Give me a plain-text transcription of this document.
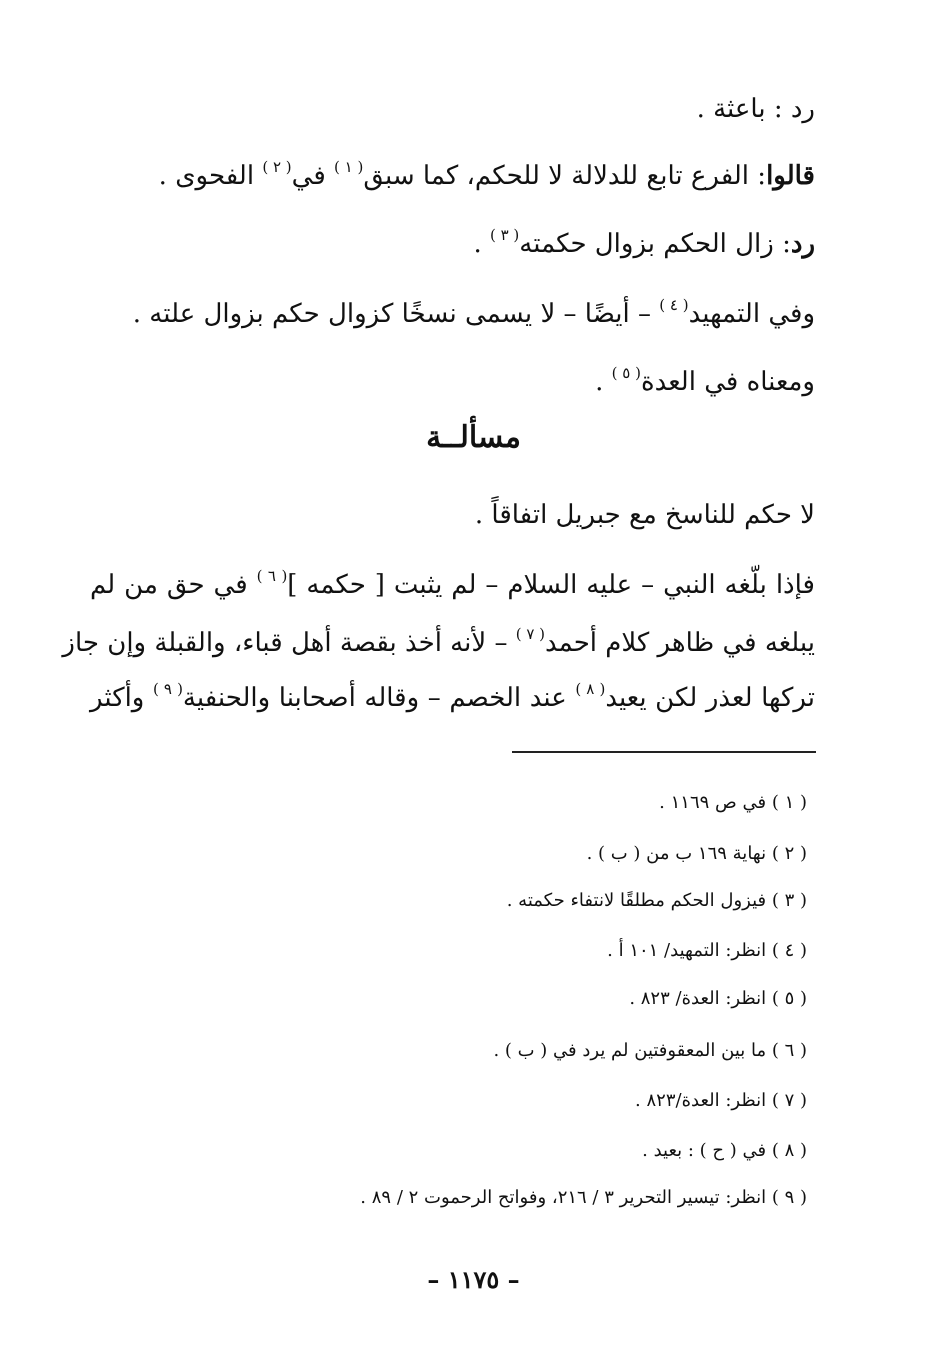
رد : باعثة .
قالوا: الفرع تابع للدلالة لا للحكم، كما سبق$^{( ١ )}$ في$^{( ٢ )}$ الفحوى .
رد: زال الحكم بزوال حكمته$^{( ٣ )}$ .
وفي التمهيد$^{( ٤ )}$ – أيضًا – لا يسمى نسخًا كزوال حكم بزوال علته .
ومعناه في العدة$^{( ٥ )}$ .
مسألــة
لا حكم للناسخ مع جبريل اتفاقاً .
فإذا بلّغه النبي – عليه السلام – لم يثبت [ حكمه ]$^{( ٦ )}$ في حق من لم
يبلغه في ظاهر كلام أحمد$^{( ٧ )}$ – لأنه أخذ بقصة أهل قباء، والقبلة وإن جاز
تركها لعذر لكن يعيد$^{( ٨ )}$ عند الخصم – وقاله أصحابنا والحنفية$^{( ٩ )}$ وأكثر
( ١ ) في ص ١١٦٩ .
( ٢ ) نهاية ١٦٩ ب من ( ب ) .
( ٣ ) فيزول الحكم مطلقًا لانتفاء حكمته .
( ٤ ) انظر: التمهيد/ ١٠١ أ .
( ٥ ) انظر: العدة/ ٨٢٣ .
( ٦ ) ما بين المعقوفتين لم يرد في ( ب ) .
( ٧ ) انظر: العدة/٨٢٣ .
( ٨ ) في ( ح ) : بعيد .
( ٩ ) انظر: تيسير التحرير ٣ / ٢١٦، وفواتح الرحموت ٢ / ٨٩ .
– ١١٧٥ –
